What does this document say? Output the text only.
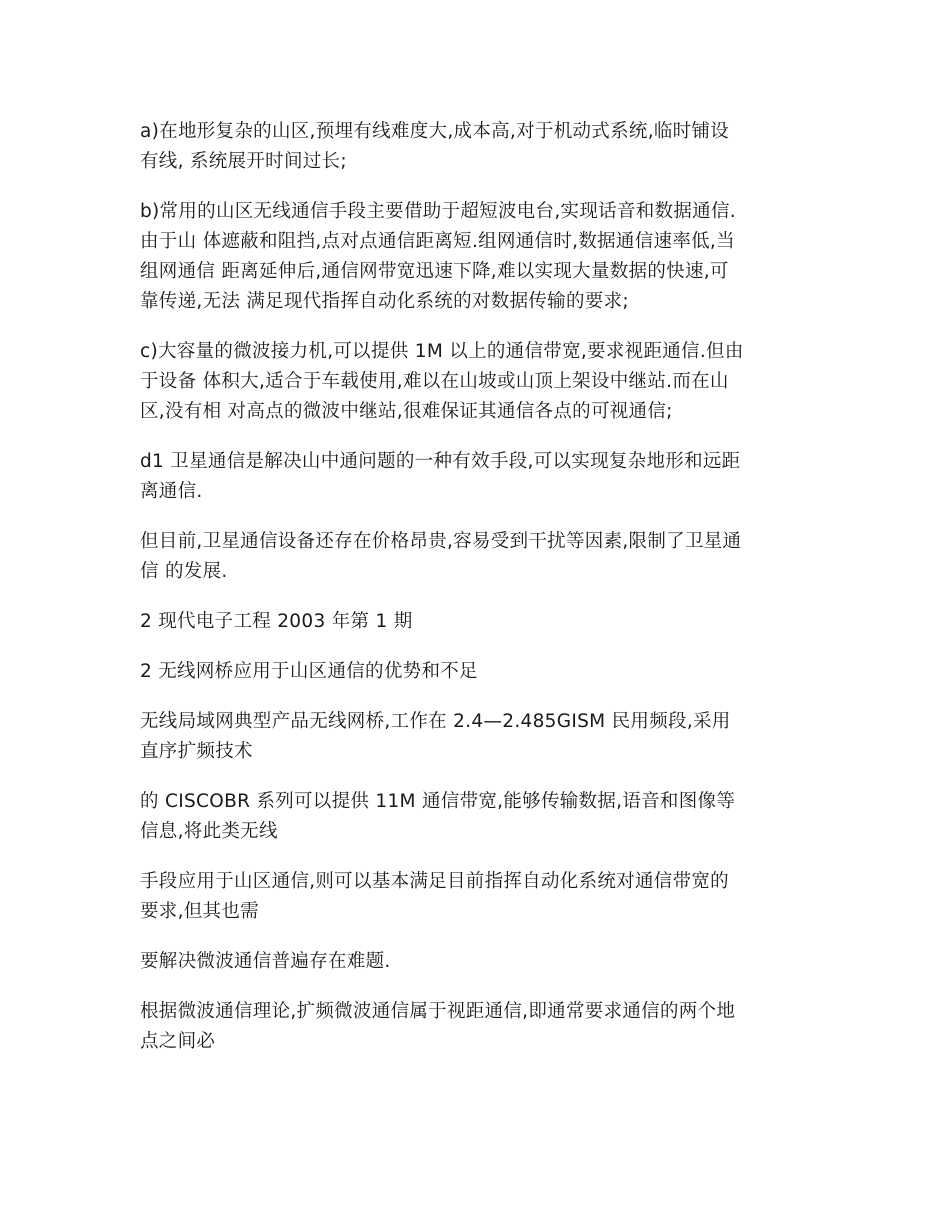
a)在地形复杂的山区,预埋有线难度大,成本高,对于机动式系统,临时铺设
有线, 系统展开时间过长;

b)常用的山区无线通信手段主要借助于超短波电台,实现话音和数据通信.
由于山 体遮蔽和阻挡,点对点通信距离短.组网通信时,数据通信速率低,当
组网通信 距离延伸后,通信网带宽迅速下降,难以实现大量数据的快速,可
靠传递,无法 满足现代指挥自动化系统的对数据传输的要求;

c)大容量的微波接力机,可以提供 1M 以上的通信带宽,要求视距通信.但由
于设备 体积大,适合于车载使用,难以在山坡或山顶上架设中继站.而在山
区,没有相 对高点的微波中继站,很难保证其通信各点的可视通信;

d1 卫星通信是解决山中通问题的一种有效手段,可以实现复杂地形和远距
离通信.

但目前,卫星通信设备还存在价格昂贵,容易受到干扰等因素,限制了卫星通
信 的发展.

2 现代电子工程 2003 年第 1 期

2 无线网桥应用于山区通信的优势和不足

无线局域网典型产品无线网桥,工作在 2.4—2.485GISM 民用频段,采用
直序扩频技术

的 CISCOBR 系列可以提供 11M 通信带宽,能够传输数据,语音和图像等
信息,将此类无线

手段应用于山区通信,则可以基本满足目前指挥自动化系统对通信带宽的
要求,但其也需

要解决微波通信普遍存在难题.

根据微波通信理论,扩频微波通信属于视距通信,即通常要求通信的两个地
点之间必
